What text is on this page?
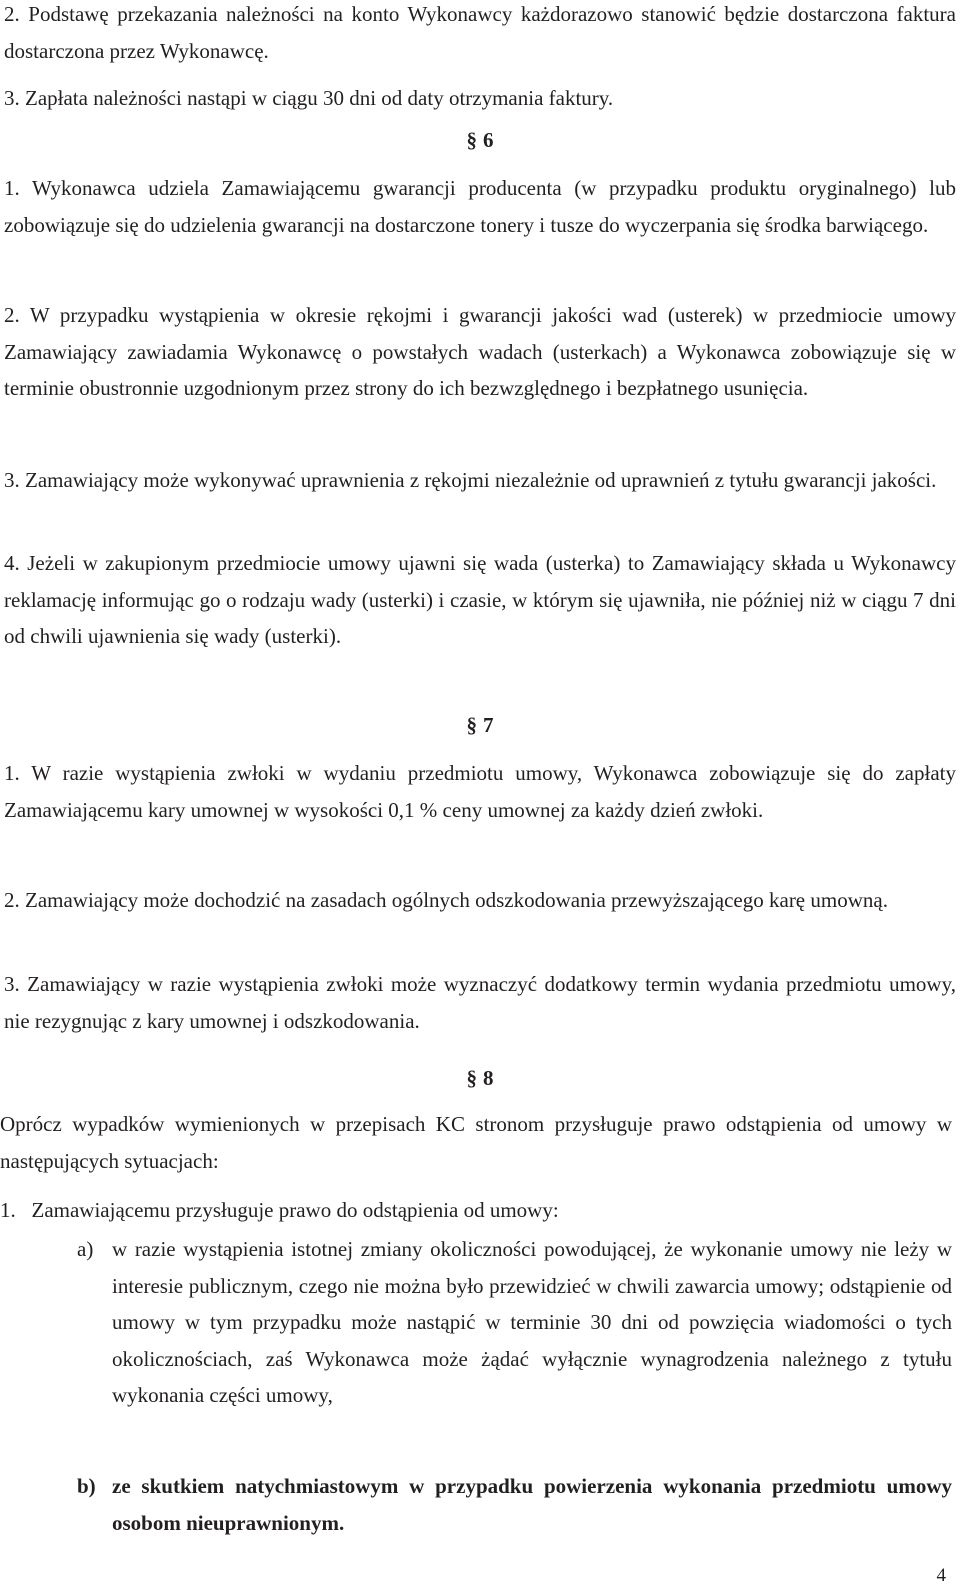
2. Podstawę przekazania należności na konto Wykonawcy każdorazowo stanowić będzie dostarczona faktura dostarczona przez Wykonawcę.

3. Zapłata należności nastąpi w ciągu 30 dni od daty otrzymania faktury.

§ 6

1. Wykonawca udziela Zamawiającemu gwarancji producenta (w przypadku produktu oryginalnego) lub zobowiązuje się do udzielenia gwarancji na dostarczone tonery i tusze do wyczerpania się środka barwiącego.

2. W przypadku wystąpienia w okresie rękojmi i gwarancji jakości wad (usterek) w przedmiocie umowy Zamawiający zawiadamia Wykonawcę o powstałych wadach (usterkach) a Wykonawca zobowiązuje się w terminie obustronnie uzgodnionym przez strony do ich bezwzględnego i bezpłatnego usunięcia.

3. Zamawiający może wykonywać uprawnienia z rękojmi niezależnie od uprawnień z tytułu gwarancji jakości.

4. Jeżeli w zakupionym przedmiocie umowy ujawni się wada (usterka) to Zamawiający składa u Wykonawcy reklamację informując go o rodzaju wady (usterki) i czasie, w którym się ujawniła, nie później niż w ciągu 7 dni od chwili ujawnienia się wady (usterki).

§ 7

1. W razie wystąpienia zwłoki w wydaniu przedmiotu umowy, Wykonawca zobowiązuje się do zapłaty Zamawiającemu kary umownej w wysokości 0,1 % ceny umownej za każdy dzień zwłoki.

2. Zamawiający może dochodzić na zasadach ogólnych odszkodowania przewyższającego karę umowną.

3. Zamawiający w razie wystąpienia zwłoki może wyznaczyć dodatkowy termin wydania przedmiotu umowy, nie rezygnując z kary umownej i odszkodowania.

§ 8

Oprócz wypadków wymienionych w przepisach KC stronom przysługuje prawo odstąpienia od umowy w następujących sytuacjach:

1.   Zamawiającemu przysługuje prawo do odstąpienia od umowy:

a) w razie wystąpienia istotnej zmiany okoliczności powodującej, że wykonanie umowy nie leży w interesie publicznym, czego nie można było przewidzieć w chwili zawarcia umowy; odstąpienie od umowy w tym przypadku może nastąpić w terminie 30 dni od powzięcia wiadomości o tych okolicznościach, zaś Wykonawca może żądać wyłącznie wynagrodzenia należnego z tytułu wykonania części umowy,
b) ze skutkiem natychmiastowym w przypadku powierzenia wykonania przedmiotu umowy osobom nieuprawnionym.
4
